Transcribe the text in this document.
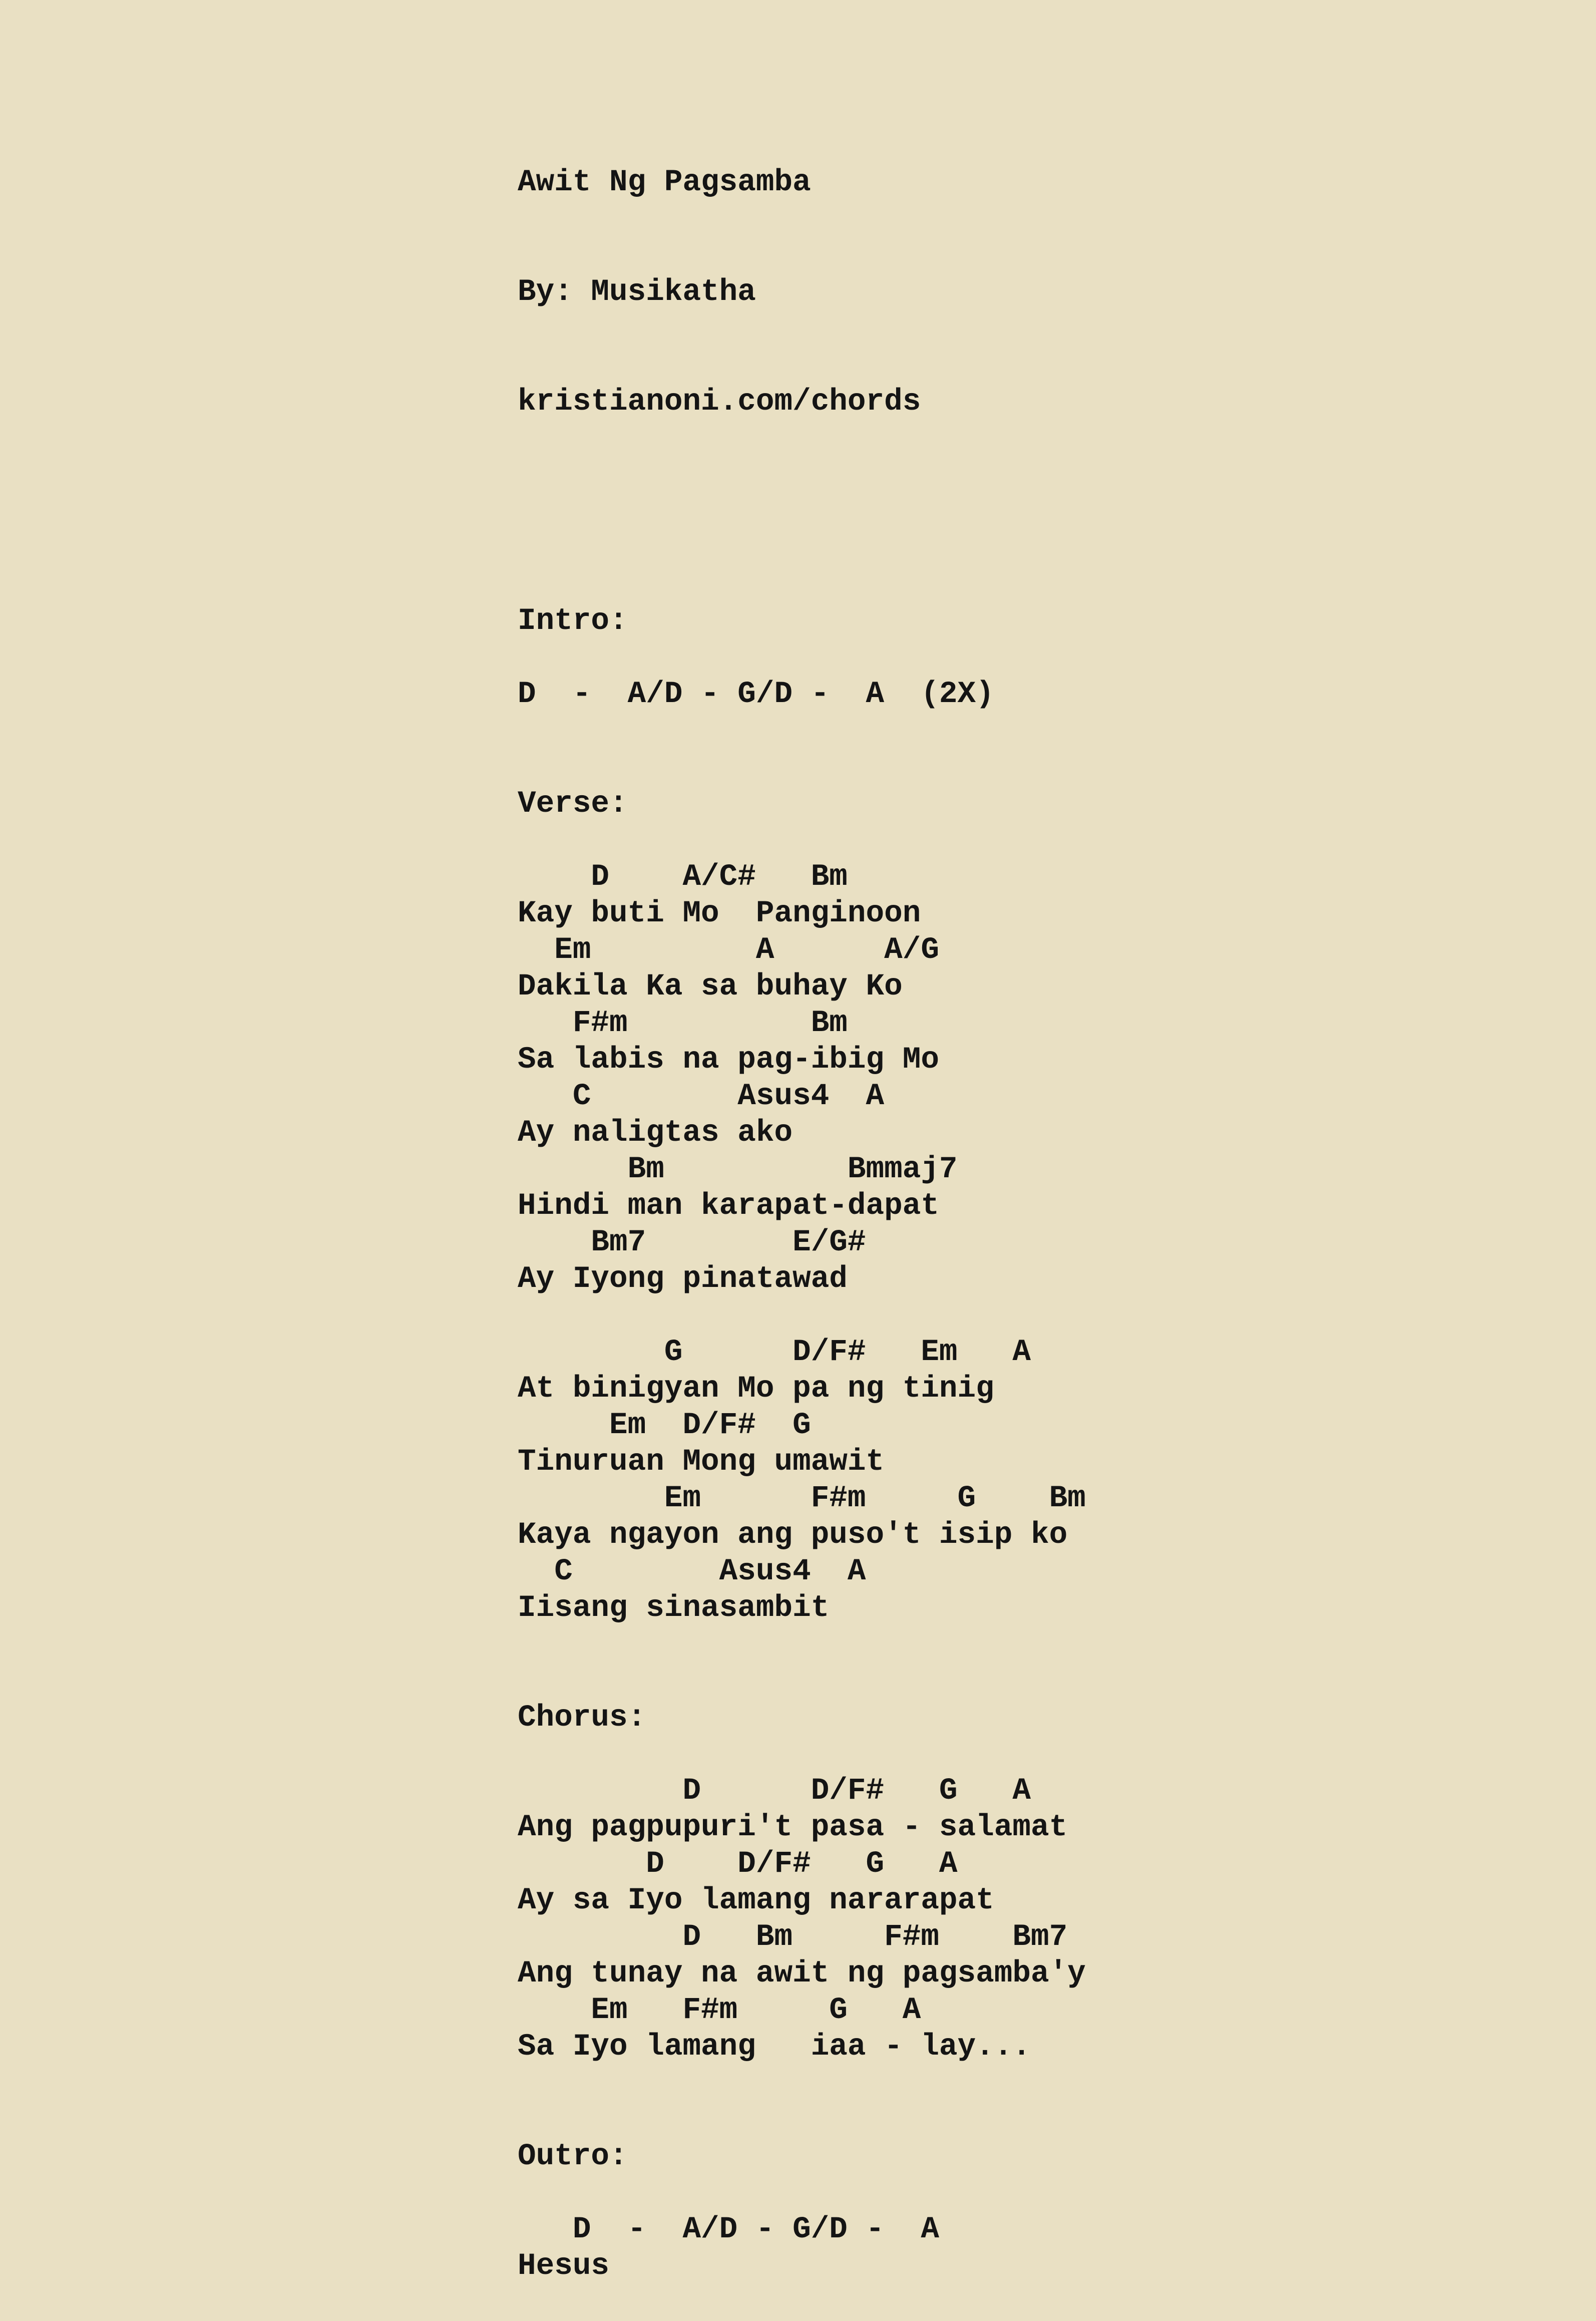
Awit Ng Pagsamba

By: Musikatha

kristianoni.com/chords

Intro:

D  -  A/D - G/D -  A  (2X)

Verse:

D    A/C#   Bm
Kay buti Mo  Panginoon
Em         A      A/G
Dakila Ka sa buhay Ko
F#m          Bm
Sa labis na pag-ibig Mo
C        Asus4  A
Ay naligtas ako
Bm          Bmmaj7
Hindi man karapat-dapat
Bm7        E/G#
Ay Iyong pinatawad

G      D/F#   Em   A
At binigyan Mo pa ng tinig
Em  D/F#  G
Tinuruan Mong umawit
Em      F#m     G    Bm
Kaya ngayon ang puso't isip ko
C        Asus4  A
Iisang sinasambit

Chorus:

D      D/F#   G   A
Ang pagpupuri't pasa - salamat
D    D/F#   G   A
Ay sa Iyo lamang nararapat
D   Bm     F#m    Bm7
Ang tunay na awit ng pagsamba'y
Em   F#m     G   A
Sa Iyo lamang   iaa - lay...

Outro:

D  -  A/D - G/D -  A
Hesus
